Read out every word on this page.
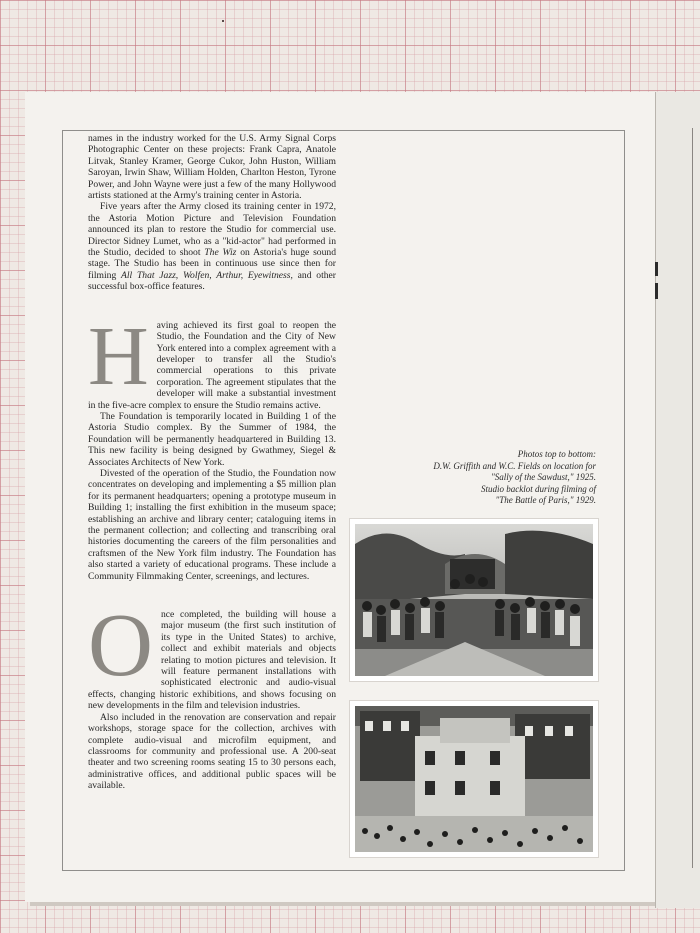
names in the industry worked for the U.S. Army Signal Corps Photographic Center on these projects: Frank Capra, Anatole Litvak, Stanley Kramer, George Cukor, John Huston, William Saroyan, Irwin Shaw, William Holden, Charlton Heston, Tyrone Power, and John Wayne were just a few of the many Hollywood artists stationed at the Army's training center in Astoria.

Five years after the Army closed its training center in 1972, the Astoria Motion Picture and Television Foundation announced its plan to restore the Studio for commercial use. Director Sidney Lumet, who as a "kid-actor" had performed in the Studio, decided to shoot The Wiz on Astoria's huge sound stage. The Studio has been in continuous use since then for filming All That Jazz, Wolfen, Arthur, Eyewitness, and other successful box-office features.

Having achieved its first goal to reopen the Studio, the Foundation and the City of New York entered into a complex agreement with a developer to transfer all the Studio's commercial operations to this private corporation. The agreement stipulates that the developer will make a substantial investment in the five-acre complex to ensure the Studio remains active.

The Foundation is temporarily located in Building 1 of the Astoria Studio complex. By the Summer of 1984, the Foundation will be permanently headquartered in Building 13. This new facility is being designed by Gwathmey, Siegel & Associates Architects of New York.

Divested of the operation of the Studio, the Foundation now concentrates on developing and implementing a $5 million plan for its permanent headquarters; opening a prototype museum in Building 1; installing the first exhibition in the museum space; establishing an archive and library center; cataloguing items in the permanent collection; and collecting and transcribing oral histories documenting the careers of the film personalities and craftsmen of the New York film industry. The Foundation has also started a variety of educational programs. These include a Community Filmmaking Center, screenings, and lectures.

Once completed, the building will house a major museum (the first such institution of its type in the United States) to archive, collect and exhibit materials and objects relating to motion pictures and television. It will feature permanent installations with sophisticated electronic and audio-visual effects, changing historic exhibitions, and shows focusing on new developments in the film and television industries.

Also included in the renovation are conservation and repair workshops, storage space for the collection, archives with complete audio-visual and microfilm equipment, and classrooms for community and professional use. A 200-seat theater and two screening rooms seating 15 to 30 persons each, administrative offices, and additional public spaces will be available.

Photos top to bottom:
D.W. Griffith and W.C. Fields on location for
"Sally of the Sawdust," 1925.
Studio backlot during filming of
"The Battle of Paris," 1929.
